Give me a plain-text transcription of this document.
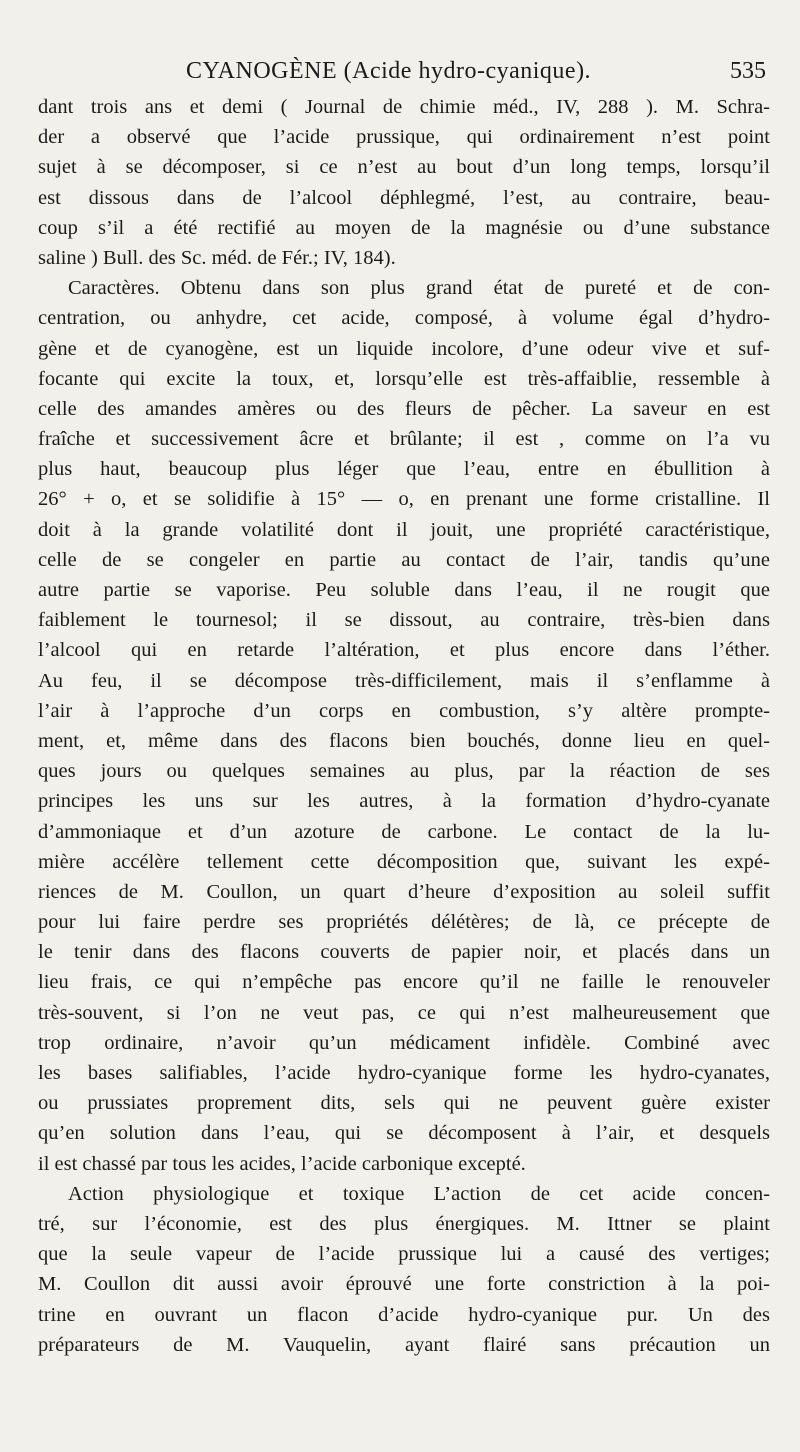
CYANOGÈNE (Acide hydro-cyanique).	535
dant trois ans et demi ( Journal de chimie méd., IV, 288 ). M. Schra-
der a observé que l’acide prussique, qui ordinairement n’est point
sujet à se décomposer, si ce n’est au bout d’un long temps, lorsqu’il
est dissous dans de l’alcool déphlegmé, l’est, au contraire, beau-
coup s’il a été rectifié au moyen de la magnésie ou d’une substance
saline ) Bull. des Sc. méd. de Fér.; IV, 184).
Caractères. Obtenu dans son plus grand état de pureté et de con-
centration, ou anhydre, cet acide, composé, à volume égal d’hydro-
gène et de cyanogène, est un liquide incolore, d’une odeur vive et suf-
focante qui excite la toux, et, lorsqu’elle est très-affaiblie, ressemble à
celle des amandes amères ou des fleurs de pêcher. La saveur en est
fraîche et successivement âcre et brûlante; il est , comme on l’a vu
plus haut, beaucoup plus léger que l’eau, entre en ébullition à
26° + o, et se solidifie à 15° — o, en prenant une forme cristalline. Il
doit à la grande volatilité dont il jouit, une propriété caractéristique,
celle de se congeler en partie au contact de l’air, tandis qu’une
autre partie se vaporise. Peu soluble dans l’eau, il ne rougit que
faiblement le tournesol; il se dissout, au contraire, très-bien dans
l’alcool qui en retarde l’altération, et plus encore dans l’éther.
Au feu, il se décompose très-difficilement, mais il s’enflamme à
l’air à l’approche d’un corps en combustion, s’y altère prompte-
ment, et, même dans des flacons bien bouchés, donne lieu en quel-
ques jours ou quelques semaines au plus, par la réaction de ses
principes les uns sur les autres, à la formation d’hydro-cyanate
d’ammoniaque et d’un azoture de carbone. Le contact de la lu-
mière accélère tellement cette décomposition que, suivant les expé-
riences de M. Coullon, un quart d’heure d’exposition au soleil suffit
pour lui faire perdre ses propriétés délétères; de là, ce précepte de
le tenir dans des flacons couverts de papier noir, et placés dans un
lieu frais, ce qui n’empêche pas encore qu’il ne faille le renouveler
très-souvent, si l’on ne veut pas, ce qui n’est malheureusement que
trop ordinaire, n’avoir qu’un médicament infidèle. Combiné avec
les bases salifiables, l’acide hydro-cyanique forme les hydro-cyanates,
ou prussiates proprement dits, sels qui ne peuvent guère exister
qu’en solution dans l’eau, qui se décomposent à l’air, et desquels
il est chassé par tous les acides, l’acide carbonique excepté.
Action physiologique et toxique L’action de cet acide concen-
tré, sur l’économie, est des plus énergiques. M. Ittner se plaint
que la seule vapeur de l’acide prussique lui a causé des vertiges;
M. Coullon dit aussi avoir éprouvé une forte constriction à la poi-
trine en ouvrant un flacon d’acide hydro-cyanique pur. Un des
préparateurs de M. Vauquelin, ayant flairé sans précaution un
